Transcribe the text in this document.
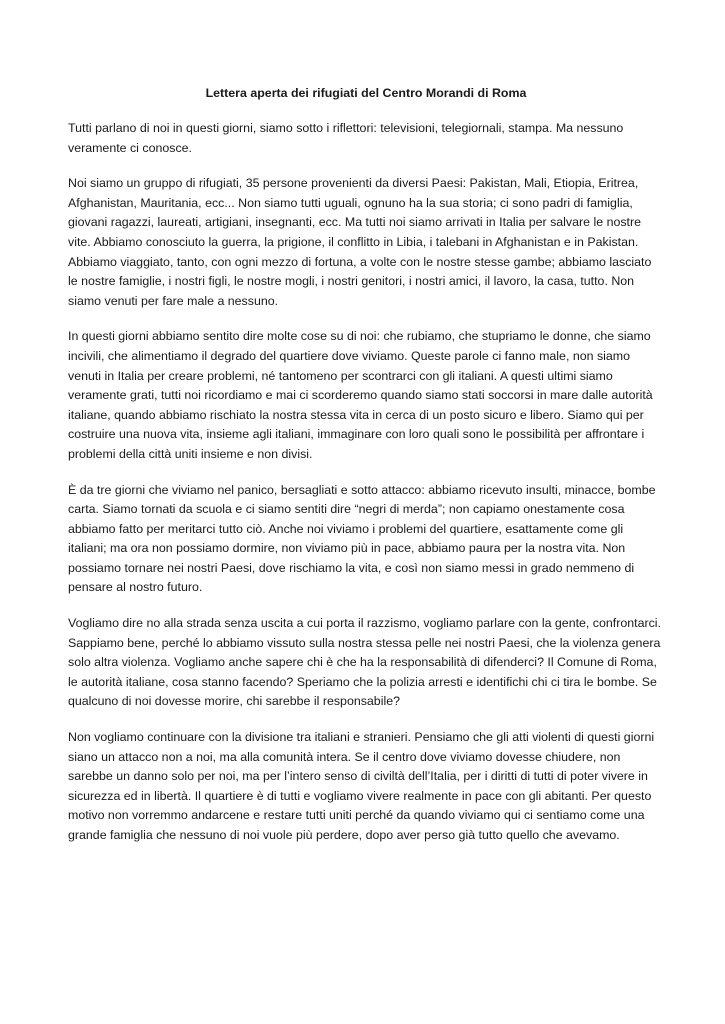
Lettera aperta dei rifugiati del Centro Morandi di Roma

Tutti parlano di noi in questi giorni, siamo sotto i riflettori: televisioni, telegiornali, stampa. Ma nessuno veramente ci conosce.

Noi siamo un gruppo di rifugiati, 35 persone provenienti da diversi Paesi: Pakistan, Mali, Etiopia, Eritrea, Afghanistan, Mauritania, ecc... Non siamo tutti uguali, ognuno ha la sua storia; ci sono padri di famiglia, giovani ragazzi, laureati, artigiani, insegnanti, ecc. Ma tutti noi siamo arrivati in Italia per salvare le nostre vite. Abbiamo conosciuto la guerra, la prigione, il conflitto in Libia, i talebani in Afghanistan e in Pakistan. Abbiamo viaggiato, tanto, con ogni mezzo di fortuna, a volte con le nostre stesse gambe; abbiamo lasciato le nostre famiglie, i nostri figli, le nostre mogli, i nostri genitori, i nostri amici, il lavoro, la casa, tutto. Non siamo venuti per fare male a nessuno.

In questi giorni abbiamo sentito dire molte cose su di noi: che rubiamo, che stupriamo le donne, che siamo incivili, che alimentiamo il degrado del quartiere dove viviamo. Queste parole ci fanno male, non siamo venuti in Italia per creare problemi, né tantomeno per scontrarci con gli italiani. A questi ultimi siamo veramente grati, tutti noi ricordiamo e mai ci scorderemo quando siamo stati soccorsi in mare dalle autorità italiane, quando abbiamo rischiato la nostra stessa vita in cerca di un posto sicuro e libero. Siamo qui per costruire una nuova vita, insieme agli italiani, immaginare con loro quali sono le possibilità per affrontare i problemi della città uniti insieme e non divisi.

È da tre giorni che viviamo nel panico, bersagliati e sotto attacco: abbiamo ricevuto insulti, minacce, bombe carta. Siamo tornati da scuola e ci siamo sentiti dire “negri di merda”; non capiamo onestamente cosa abbiamo fatto per meritarci tutto ciò. Anche noi viviamo i problemi del quartiere, esattamente come gli italiani; ma ora non possiamo dormire, non viviamo più in pace, abbiamo paura per la nostra vita. Non possiamo tornare nei nostri Paesi, dove rischiamo la vita, e così non siamo messi in grado nemmeno di pensare al nostro futuro.

Vogliamo dire no alla strada senza uscita a cui porta il razzismo, vogliamo parlare con la gente, confrontarci. Sappiamo bene, perché lo abbiamo vissuto sulla nostra stessa pelle nei nostri Paesi, che la violenza genera solo altra violenza. Vogliamo anche sapere chi è che ha la responsabilità di difenderci? Il Comune di Roma, le autorità italiane, cosa stanno facendo? Speriamo che la polizia arresti e identifichi chi ci tira le bombe. Se qualcuno di noi dovesse morire, chi sarebbe il responsabile?

Non vogliamo continuare con la divisione tra italiani e stranieri. Pensiamo che gli atti violenti di questi giorni siano un attacco non a noi, ma alla comunità intera. Se il centro dove viviamo dovesse chiudere, non sarebbe un danno solo per noi, ma per l’intero senso di civiltà dell’Italia, per i diritti di tutti di poter vivere in sicurezza ed in libertà. Il quartiere è di tutti e vogliamo vivere realmente in pace con gli abitanti. Per questo motivo non vorremmo andarcene e restare tutti uniti perché da quando viviamo qui ci sentiamo come una grande famiglia che nessuno di noi vuole più perdere, dopo aver perso già tutto quello che avevamo.
